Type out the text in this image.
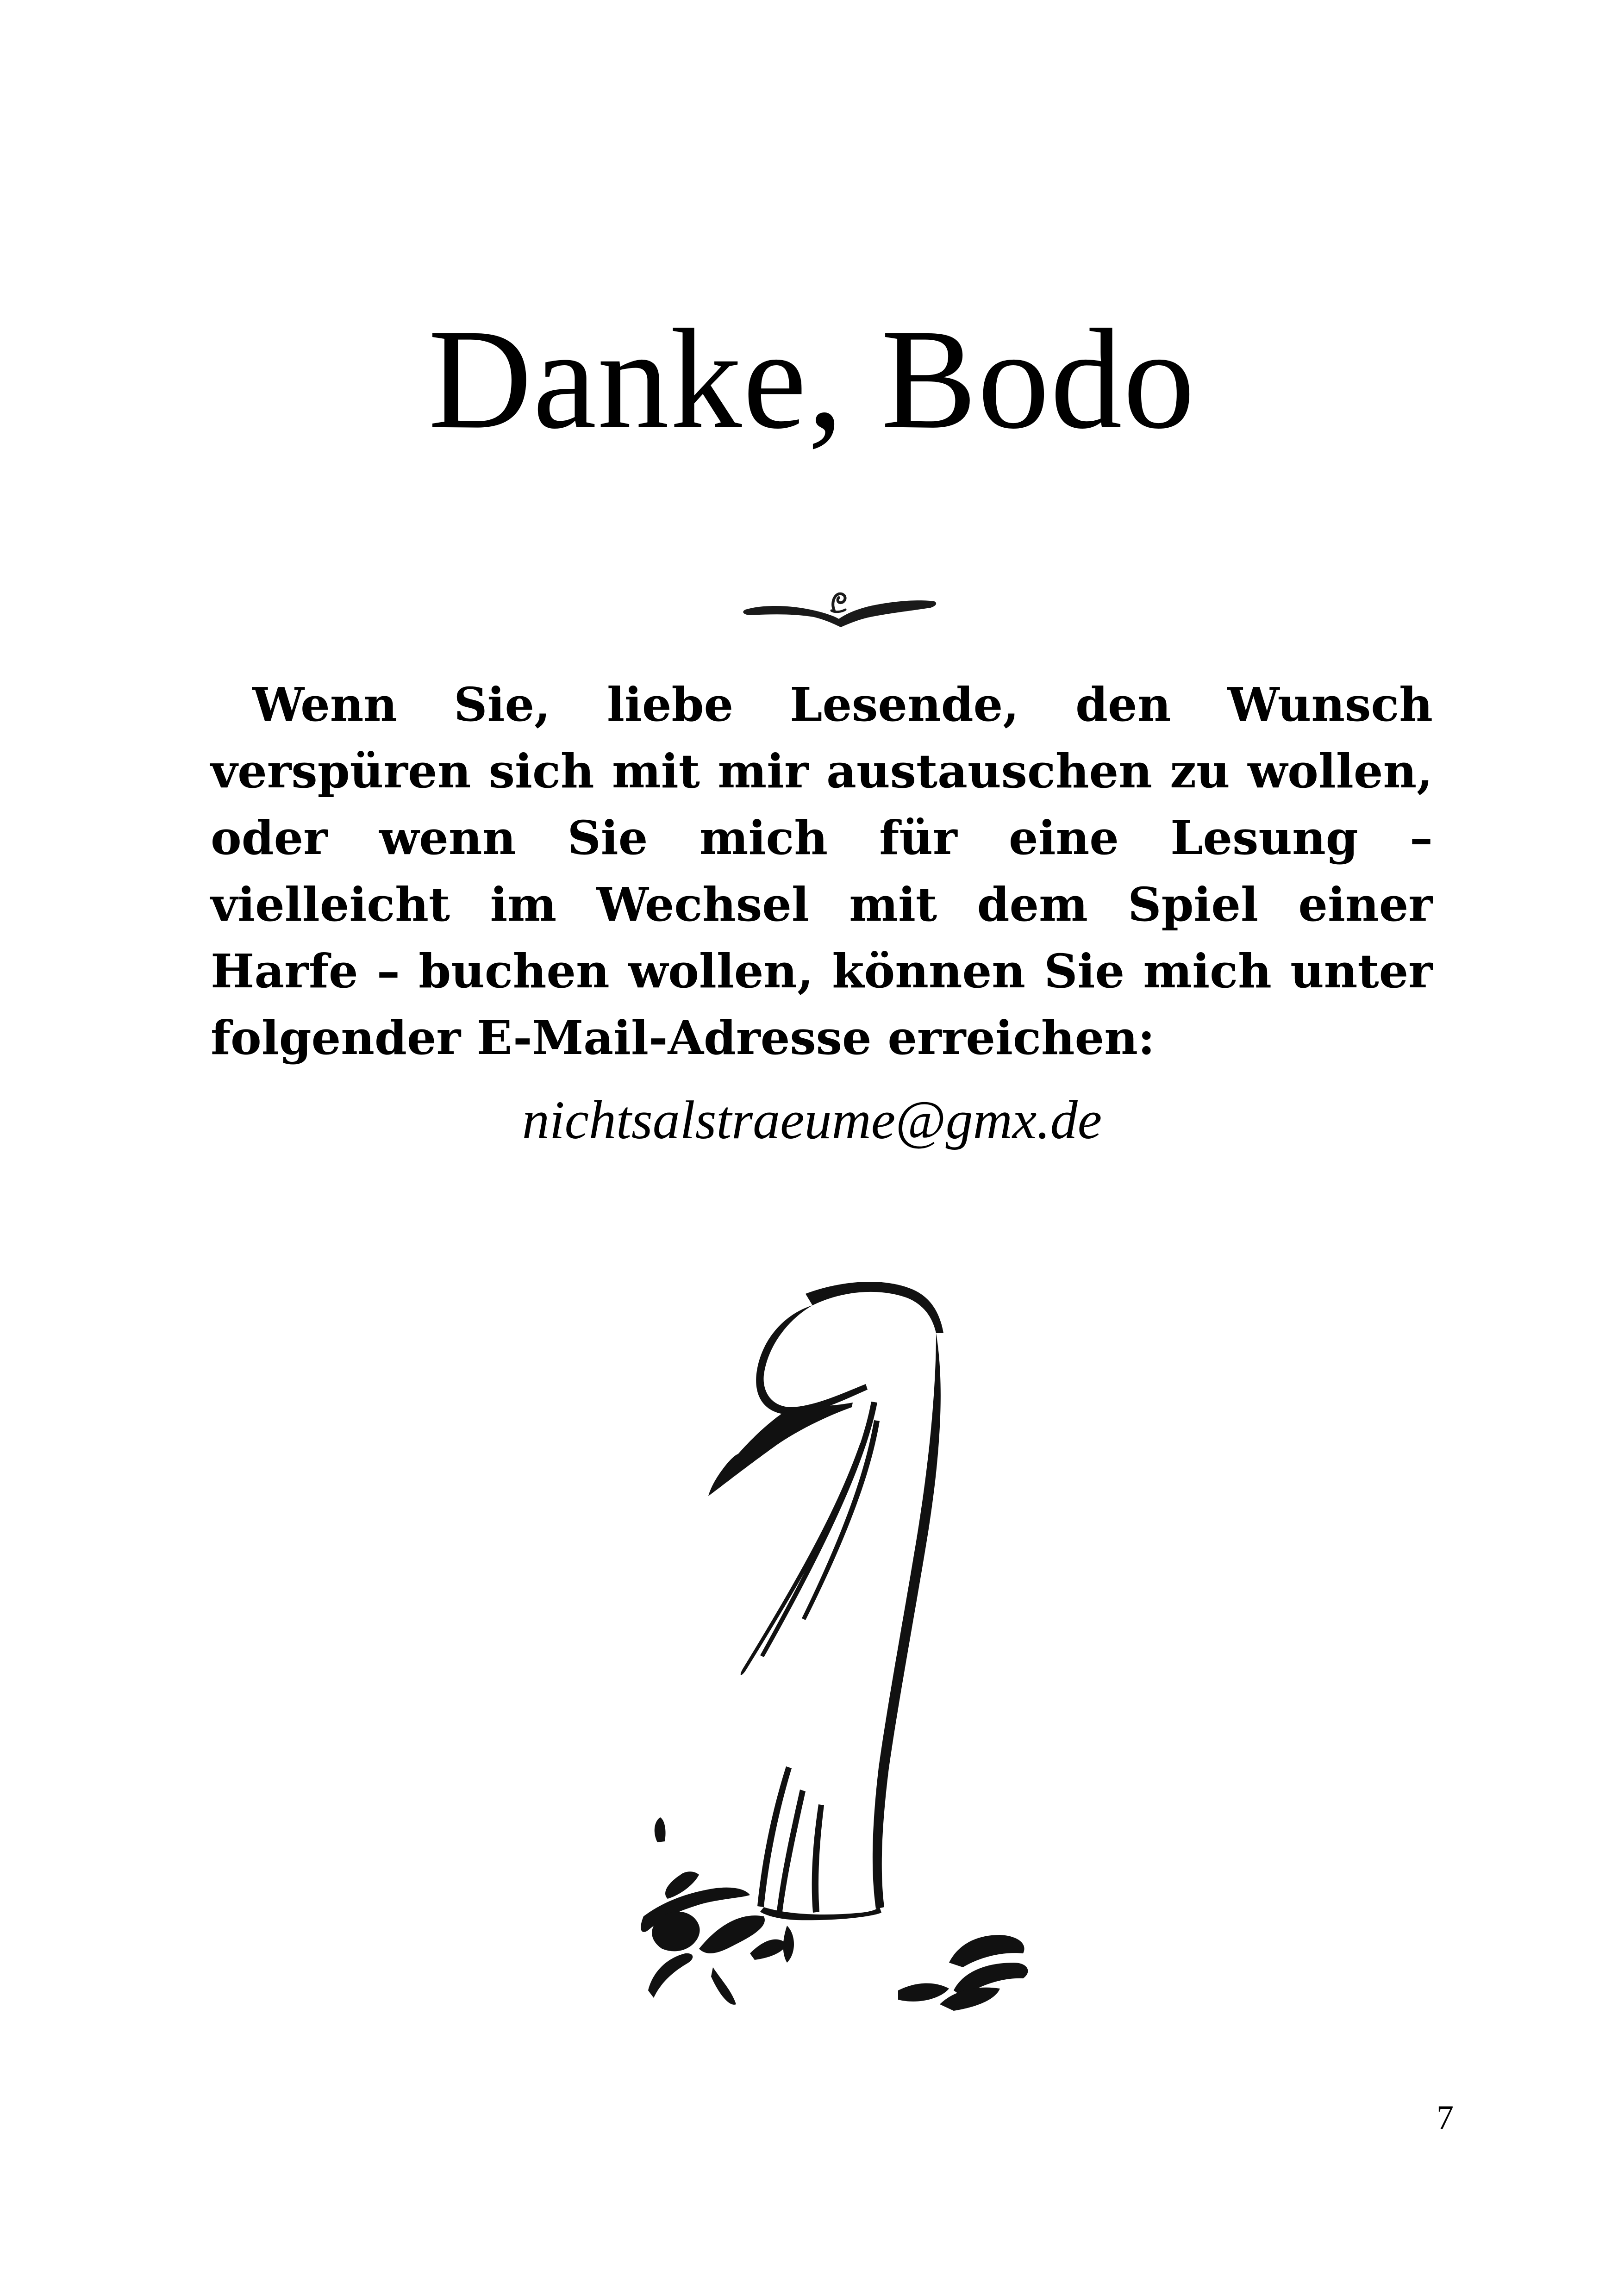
Danke, Bodo

Wenn Sie, liebe Lesende, den Wunsch verspüren sich mit mir austauschen zu wollen, oder wenn Sie mich für eine Lesung – vielleicht im Wechsel mit dem Spiel einer Harfe – buchen wollen, können Sie mich unter folgender E-Mail-Adresse erreichen:

nichtsalstraeume@gmx.de

7
